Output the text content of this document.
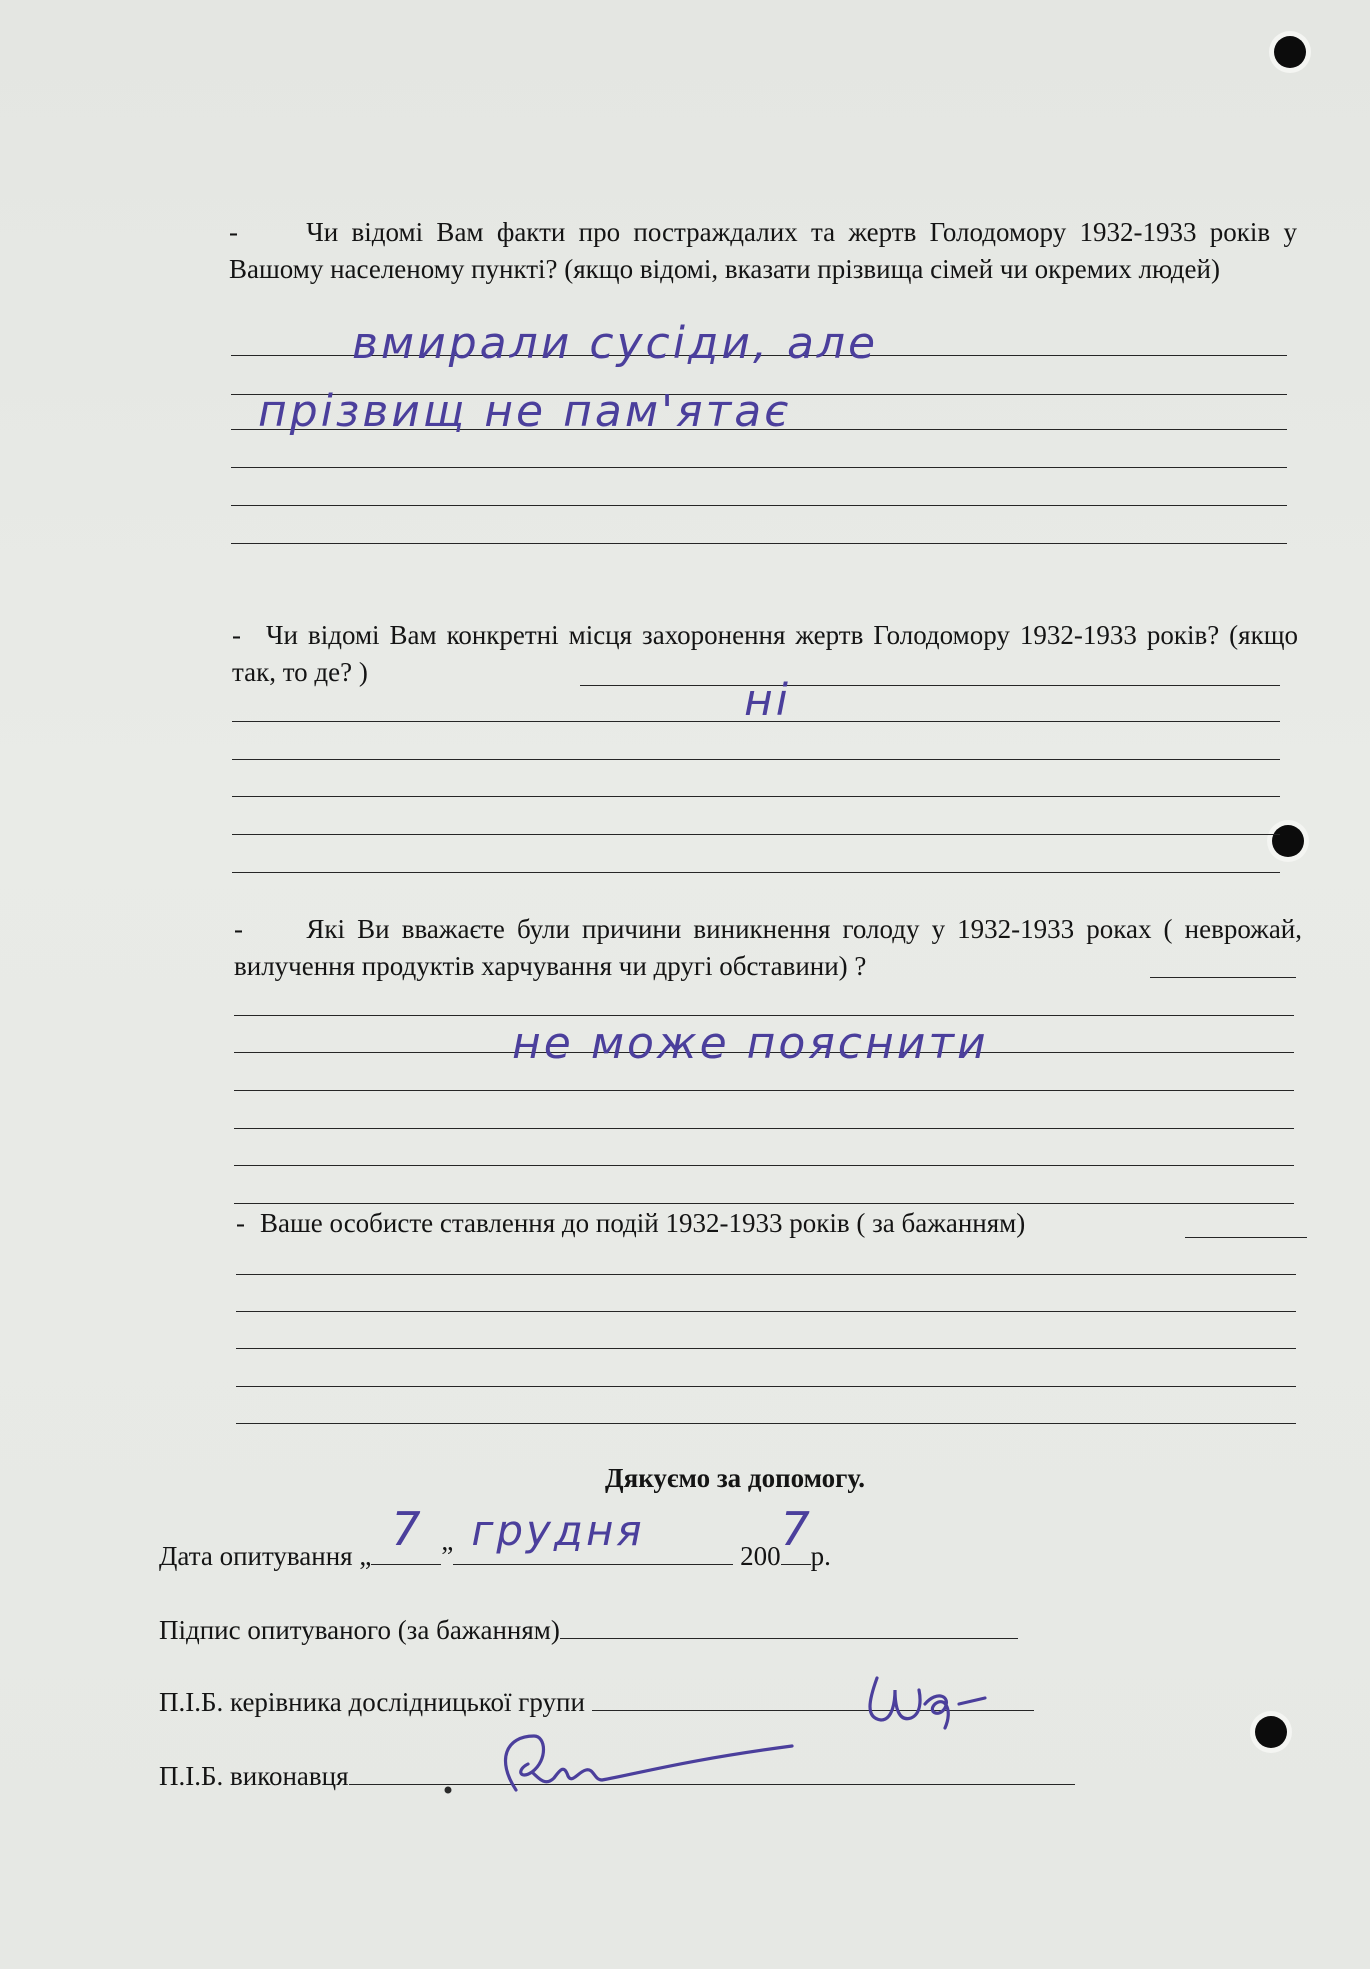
-	Чи відомі Вам факти про постраждалих та жертв Голодомору 1932-1933 років у Вашому населеному пункті? (якщо відомі, вказати прізвища сімей чи окремих людей)

вмирали сусіди, але
прізвищ не пам'ятає

- Чи відомі Вам конкретні місця захоронення жертв Голодомору 1932-1933 років? (якщо так, то де? )

ні

- Які Ви вважаєте були причини виникнення голоду у 1932-1933 роках ( неврожай, вилучення продуктів харчування чи другі обставини) ?

не може пояснити

- Ваше особисте ставлення до подій 1932-1933 років ( за бажанням)

Дякуємо за допомогу.

Дата опитування „ 7 ”
грудня
200 7
р.
Підпис опитуваного (за бажанням)
П.І.Б. керівника дослідницької групи
П.І.Б. виконавця
